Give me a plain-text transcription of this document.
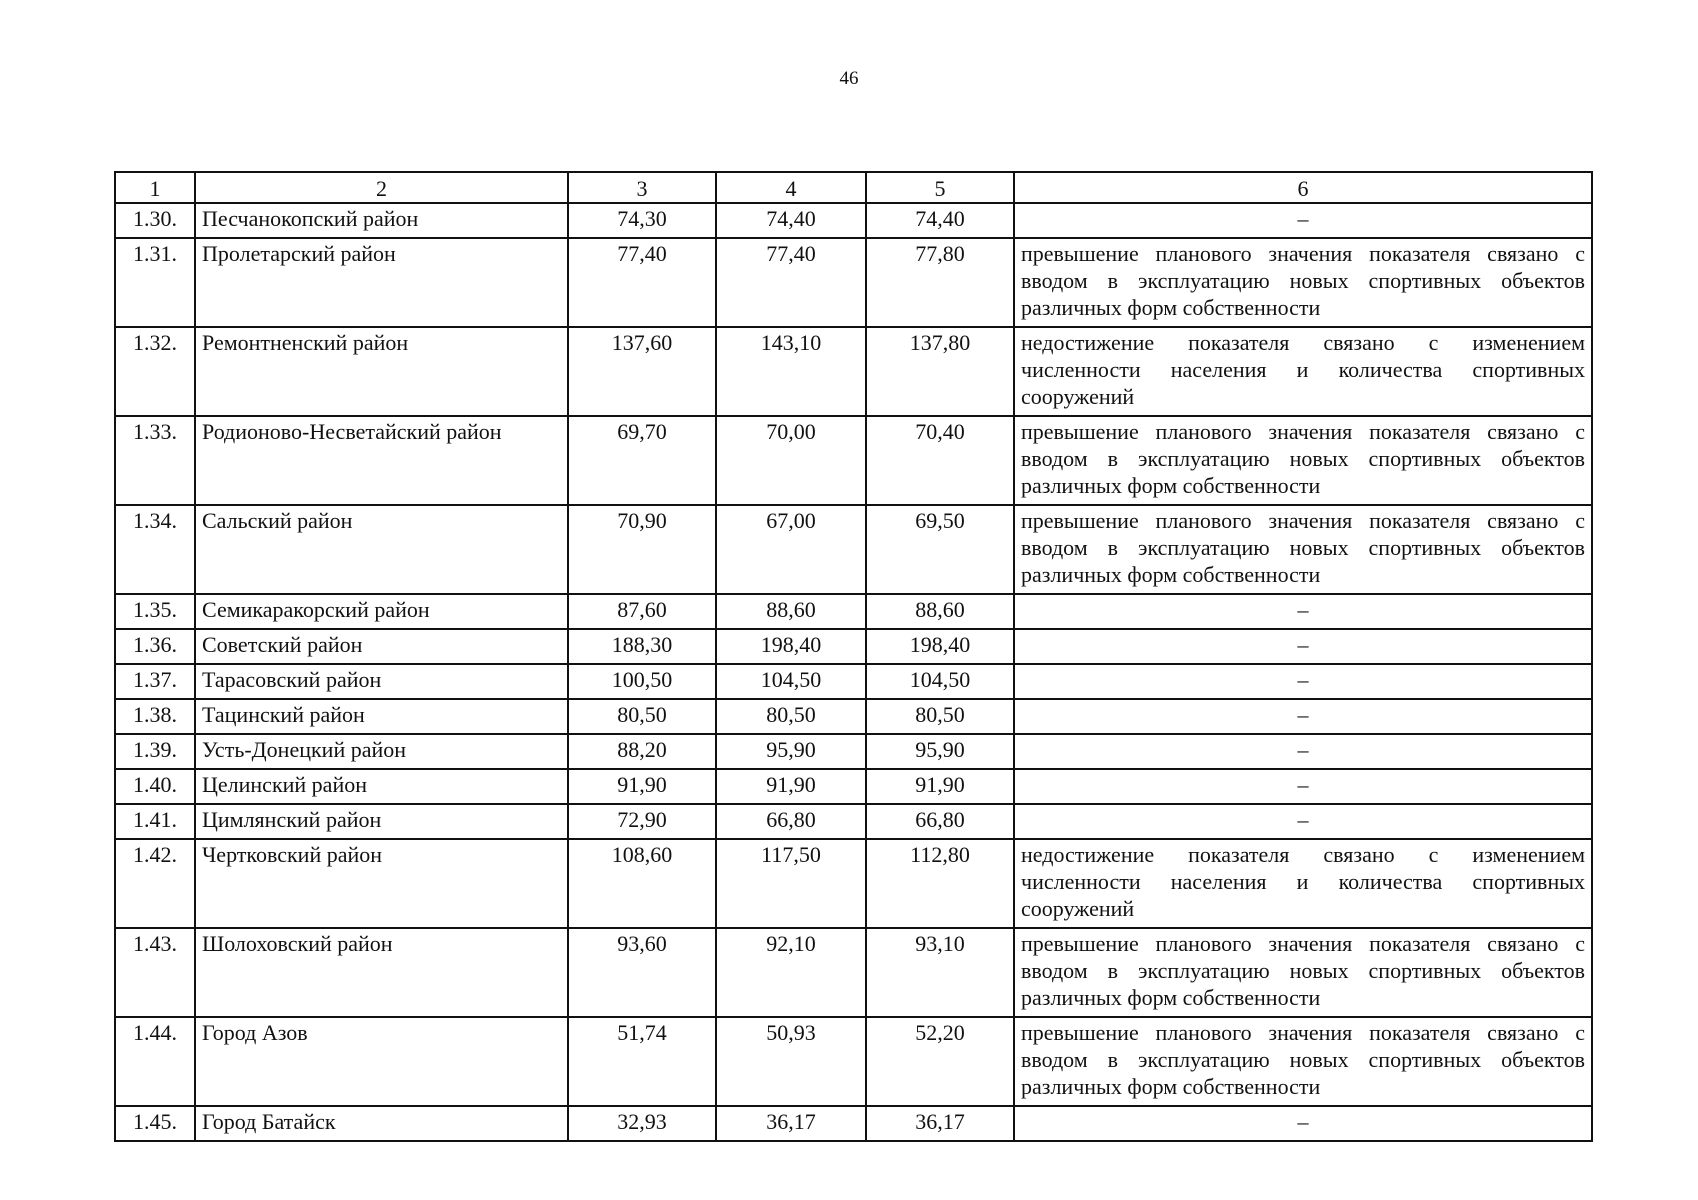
46
1	2	3	4	5	6
1.30.	Песчанокопский район	74,30	74,40	74,40	–
1.31.	Пролетарский район	77,40	77,40	77,80	превышение планового значения показателя связано с вводом в эксплуатацию новых спортивных объектов различных форм собственности
1.32.	Ремонтненский район	137,60	143,10	137,80	недостижение показателя связано с изменением численности населения и количества спортивных сооружений
1.33.	Родионово-Несветайский район	69,70	70,00	70,40	превышение планового значения показателя связано с вводом в эксплуатацию новых спортивных объектов различных форм собственности
1.34.	Сальский район	70,90	67,00	69,50	превышение планового значения показателя связано с вводом в эксплуатацию новых спортивных объектов различных форм собственности
1.35.	Семикаракорский район	87,60	88,60	88,60	–
1.36.	Советский район	188,30	198,40	198,40	–
1.37.	Тарасовский район	100,50	104,50	104,50	–
1.38.	Тацинский район	80,50	80,50	80,50	–
1.39.	Усть-Донецкий район	88,20	95,90	95,90	–
1.40.	Целинский район	91,90	91,90	91,90	–
1.41.	Цимлянский район	72,90	66,80	66,80	–
1.42.	Чертковский район	108,60	117,50	112,80	недостижение показателя связано с изменением численности населения и количества спортивных сооружений
1.43.	Шолоховский район	93,60	92,10	93,10	превышение планового значения показателя связано с вводом в эксплуатацию новых спортивных объектов различных форм собственности
1.44.	Город Азов	51,74	50,93	52,20	превышение планового значения показателя связано с вводом в эксплуатацию новых спортивных объектов различных форм собственности
1.45.	Город Батайск	32,93	36,17	36,17	–
